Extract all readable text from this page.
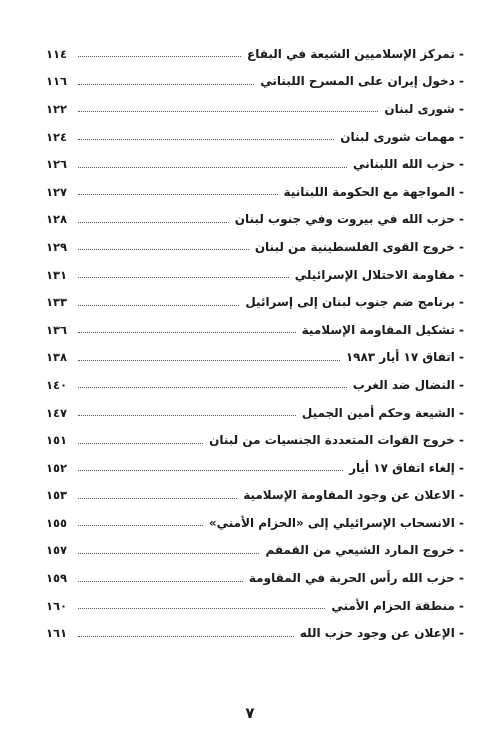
١١٤	- تمركز الإسلاميين الشيعة في البقاع
١١٦	- دخول إيران على المسرح اللبناني
١٢٢	- شورى لبنان
١٢٤	- مهمات شورى لبنان
١٢٦	- حزب الله اللبناني
١٢٧	- المواجهة مع الحكومة اللبنانية
١٢٨	- حزب الله في بيروت وفي جنوب لبنان
١٢٩	- خروج القوى الفلسطينية من لبنان
١٣١	- مقاومة الاحتلال الإسرائيلي
١٣٣	- برنامج ضم جنوب لبنان إلى إسرائيل
١٣٦	- تشكيل المقاومة الإسلامية
١٣٨	- اتفاق ١٧ أيار ١٩٨٣
١٤٠	- النضال ضد الغرب
١٤٧	- الشيعة وحكم أمين الجميل
١٥١	- خروج القوات المتعددة الجنسيات من لبنان
١٥٢	- إلغاء اتفاق ١٧ أيار
١٥٣	- الاعلان عن وجود المقاومة الإسلامية
١٥٥	- الانسحاب الإسرائيلي إلى «الحزام الأمني»
١٥٧	- خروج المارد الشيعي من القمقم
١٥٩	- حزب الله رأس الحربة في المقاومة
١٦٠	- منطقة الحزام الأمني
١٦١	- الإعلان عن وجود حزب الله
٧
